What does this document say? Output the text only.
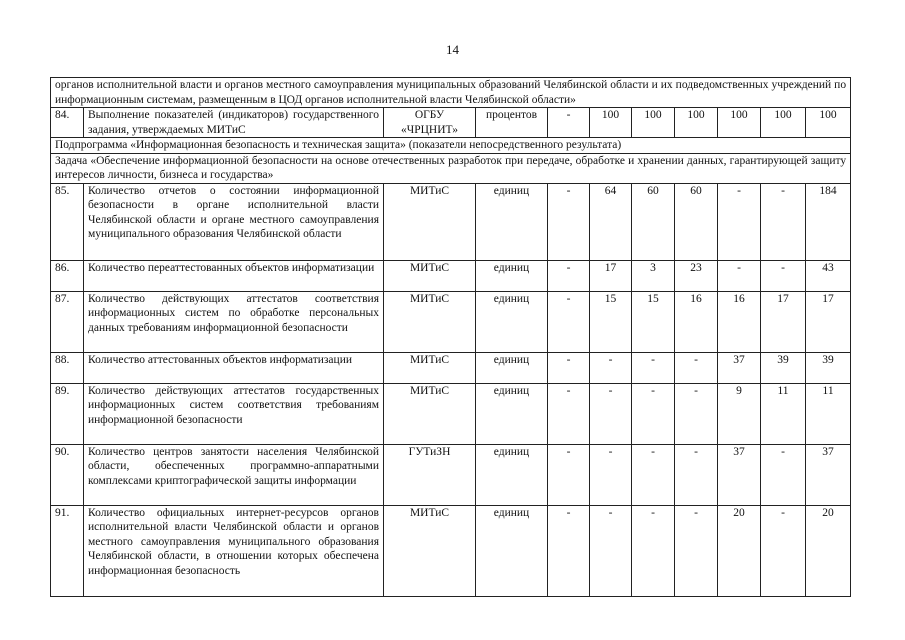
14
органов исполнительной власти и органов местного самоуправления муниципальных образований Челябинской области и их подведомственных учреждений по информационным системам, размещенным в ЦОД органов исполнительной власти Челябинской области»										
84.	Выполнение показателей (индикаторов) государственного задания, утверждаемых МИТиС	ОГБУ «ЧРЦНИТ»	процентов	-	100	100	100	100	100	100
Подпрограмма «Информационная безопасность и техническая защита» (показатели непосредственного результата)										
Задача «Обеспечение информационной безопасности на основе отечественных разработок при передаче, обработке и хранении данных, гарантирующей защиту интересов личности, бизнеса и государства»										
85.	Количество отчетов о состоянии информационной безопасности в органе исполнительной власти Челябинской области и органе местного самоуправления муниципального образования Челябинской области	МИТиС	единиц	-	64	60	60	-	-	184
86.	Количество переаттестованных объектов информатизации	МИТиС	единиц	-	17	3	23	-	-	43
87.	Количество действующих аттестатов соответствия информационных систем по обработке персональных данных требованиям информационной безопасности	МИТиС	единиц	-	15	15	16	16	17	17
88.	Количество аттестованных объектов информатизации	МИТиС	единиц	-	-	-	-	37	39	39
89.	Количество действующих аттестатов государственных информационных систем соответствия требованиям информационной безопасности	МИТиС	единиц	-	-	-	-	9	11	11
90.	Количество центров занятости населения Челябинской области, обеспеченных программно-аппаратными комплексами криптографической защиты информации	ГУТиЗН	единиц	-	-	-	-	37	-	37
91.	Количество официальных интернет-ресурсов органов исполнительной власти Челябинской области и органов местного самоуправления муниципального образования Челябинской области, в отношении которых обеспечена информационная безопасность	МИТиС	единиц	-	-	-	-	20	-	20
